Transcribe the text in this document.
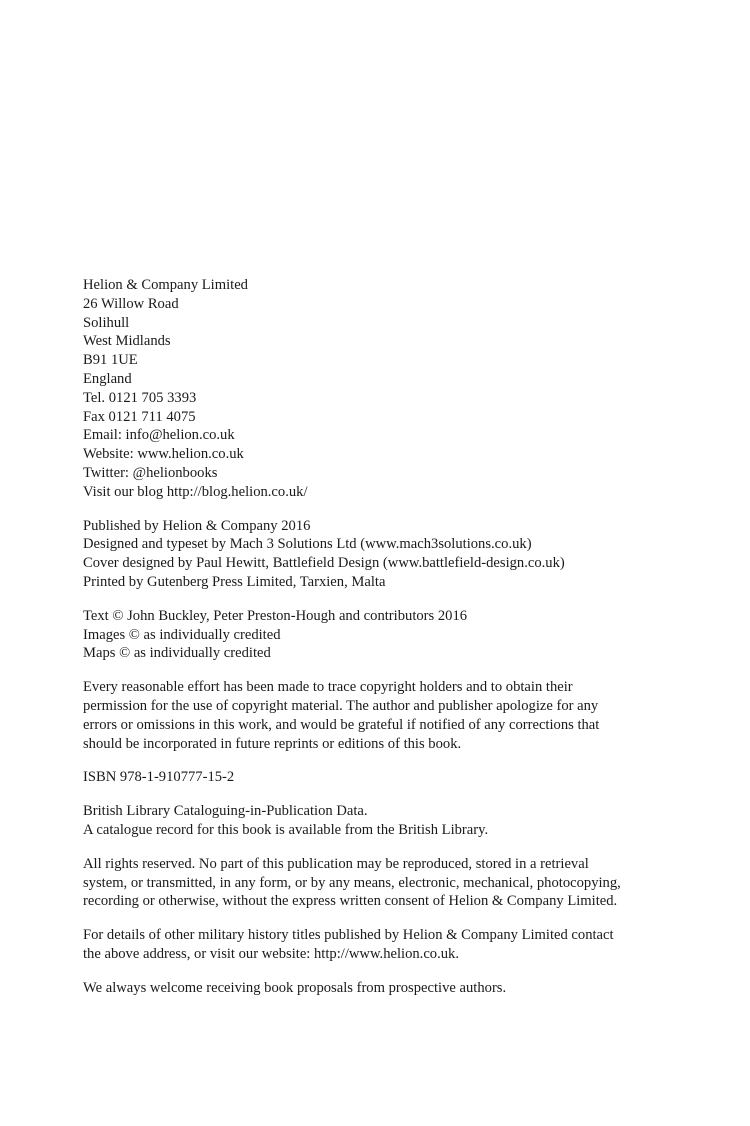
Helion & Company Limited
26 Willow Road
Solihull
West Midlands
B91 1UE
England
Tel. 0121 705 3393
Fax 0121 711 4075
Email: info@helion.co.uk
Website: www.helion.co.uk
Twitter: @helionbooks
Visit our blog http://blog.helion.co.uk/
Published by Helion & Company 2016
Designed and typeset by Mach 3 Solutions Ltd (www.mach3solutions.co.uk)
Cover designed by Paul Hewitt, Battlefield Design (www.battlefield-design.co.uk)
Printed by Gutenberg Press Limited, Tarxien, Malta
Text © John Buckley, Peter Preston-Hough and contributors 2016
Images © as individually credited
Maps © as individually credited
Every reasonable effort has been made to trace copyright holders and to obtain their
permission for the use of copyright material. The author and publisher apologize for any
errors or omissions in this work, and would be grateful if notified of any corrections that
should be incorporated in future reprints or editions of this book.
ISBN 978-1-910777-15-2
British Library Cataloguing-in-Publication Data.
A catalogue record for this book is available from the British Library.
All rights reserved. No part of this publication may be reproduced, stored in a retrieval
system, or transmitted, in any form, or by any means, electronic, mechanical, photocopying,
recording or otherwise, without the express written consent of Helion & Company Limited.
For details of other military history titles published by Helion & Company Limited contact
the above address, or visit our website: http://www.helion.co.uk.
We always welcome receiving book proposals from prospective authors.
